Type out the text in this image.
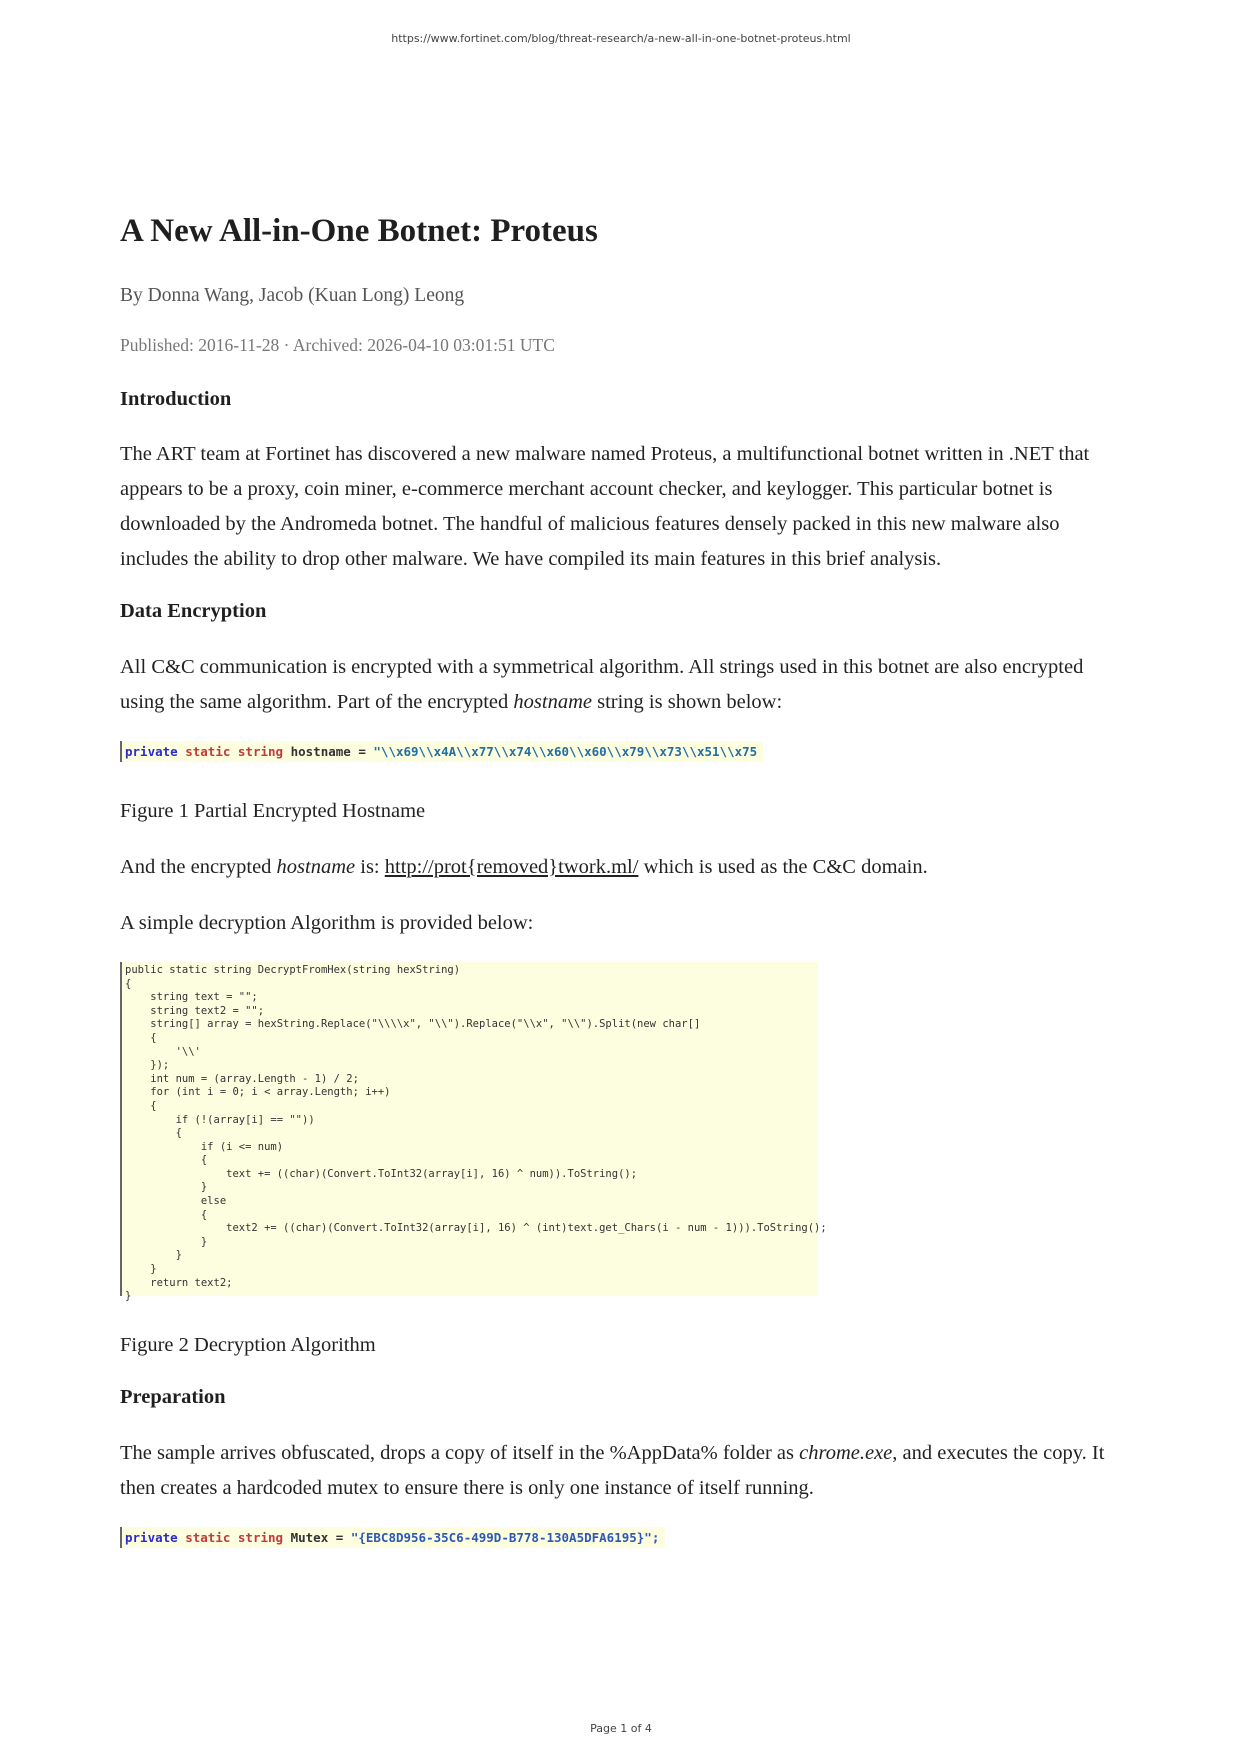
https://www.fortinet.com/blog/threat-research/a-new-all-in-one-botnet-proteus.html
A New All-in-One Botnet: Proteus
By Donna Wang, Jacob (Kuan Long) Leong
Published: 2016-11-28 · Archived: 2026-04-10 03:01:51 UTC
Introduction

The ART team at Fortinet has discovered a new malware named Proteus, a multifunctional botnet written in .NET that appears to be a proxy, coin miner, e-commerce merchant account checker, and keylogger. This particular botnet is downloaded by the Andromeda botnet. The handful of malicious features densely packed in this new malware also includes the ability to drop other malware. We have compiled its main features in this brief analysis.

Data Encryption

All C&C communication is encrypted with a symmetrical algorithm. All strings used in this botnet are also encrypted using the same algorithm. Part of the encrypted hostname string is shown below:

private static string hostname = "\\x69\\x4A\\x77\\x74\\x60\\x60\\x79\\x73\\x51\\x75
Figure 1 Partial Encrypted Hostname

And the encrypted hostname is: http://prot{removed}twork.ml/ which is used as the C&C domain.

A simple decryption Algorithm is provided below:

public static string DecryptFromHex(string hexString)
{
string text = "";
string text2 = "";
string[] array = hexString.Replace("\\\\x", "\\").Replace("\\x", "\\").Split(new char[]
{
'\\'
});
int num = (array.Length - 1) / 2;
for (int i = 0; i < array.Length; i++)
{
if (!(array[i] == ""))
{
if (i <= num)
{
text += ((char)(Convert.ToInt32(array[i], 16) ^ num)).ToString();
}
else
{
text2 += ((char)(Convert.ToInt32(array[i], 16) ^ (int)text.get_Chars(i - num - 1))).ToString();
}
}
}
return text2;
}
Figure 2 Decryption Algorithm
Preparation

The sample arrives obfuscated, drops a copy of itself in the %AppData% folder as chrome.exe, and executes the copy. It then creates a hardcoded mutex to ensure there is only one instance of itself running.

private static string Mutex = "{EBC8D956-35C6-499D-B778-130A5DFA6195}";
Page 1 of 4
